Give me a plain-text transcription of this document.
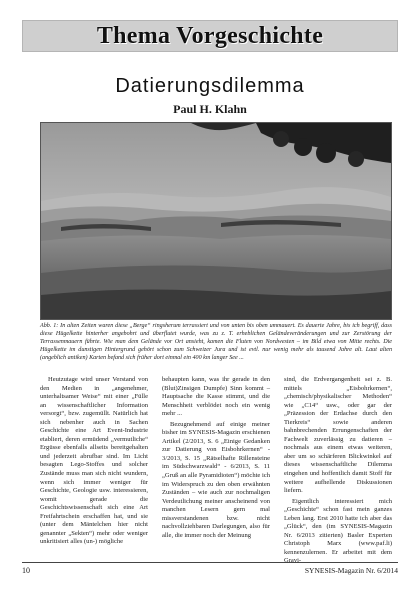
Thema Vorgeschichte
Datierungsdilemma
Paul H. Klahn
Abb. 1: In alten Zeiten waren diese „Berge“ ringsherum terrassiert und von unten bis oben ummauert. Es dauerte Jahre, bis ich begriff, dass diese Hügelkette hinterher angebohrt und überflutet wurde, was zu z. T. erheblichen Geländeveränderungen und zur Zerstörung der Terrassenmauern führte. Wie man dem Gelände vor Ort ansieht, kamen die Fluten von Nordwesten – im Bild etwa von Mitte rechts. Die Hügelkette im dunstigen Hintergrund gehört schon zum Schweizer Jura und ist evtl. nur wenig mehr als tausend Jahre alt. Laut alten (angeblich antiken) Karten befand sich früher dort einmal ein 400 km langer See ...

Heutzutage wird unser Verstand von den Medien in „angenehmer, unterhaltsamer Weise“ mit einer „Fülle an wissenschaftlicher Information versorgt“, bzw. zugemüllt. Natürlich hat sich nebenher auch in Sachen Geschichte eine Art Event-Industrie etabliert, deren ermüdend „vermutliche“ Ergüsse ebenfalls allseits bereitgehalten und jederzeit abrufbar sind. Im Licht besagten Lego-Stoffes und solcher Zustände muss man sich nicht wundern, wenn sich immer weniger für Geschichte, Geologie usw. interessieren, womit gerade die Geschichtswissenschaft sich eine Art Freifahrtschein erschaffen hat, und sie (unter dem Mäntelchen hier nicht genannter „Sekten“) mehr oder weniger unkritisiert alles (un-) mögliche

behaupten kann, was ihr gerade in den (Blut)Zinsigen Dumpfe) Sinn kommt – Hauptsache die Kasse stimmt, und die Menschheit verblödet noch ein wenig mehr ...

Bezugnehmend auf einige meiner bisher im SYNESIS-Magazin erschienen Artikel (2/2013, S. 6 „Einige Gedanken zur Datierung von Eisbohrkernen“ - 3/2013, S. 15 „Rätselhafte Rillensteine im Südschwarzwald“ - 6/2013, S. 11 „Gruß an alle Pyramidioten“) möchte ich im Widerspruch zu den oben erwähnten Zuständen – wie auch zur nochmaligen Verdeutlichung meiner anscheinend von manchen Lesern gern mal missverstandenen bzw. nicht nachvollziehbaren Darlegungen, also für alle, die immer noch der Meinung

sind, die Erdvergangenheit sei z. B. mittels „Eisbohrkernen“, „chemisch/physikalischer Methoden“ wie „C14“ usw., oder gar der „Präzession der Erdachse durch den Tierkreis“ sowie anderen bahnbrechenden Errungenschaften der Fachwelt zuverlässig zu datieren – nochmals aus einem etwas weiteren, aber um so schärferen Blickwinkel auf dieses wissenschaftliche Dilemma eingehen und hoffentlich damit Stoff für weitere aufhellende Diskussionen liefern.

Eigentlich interessiert mich „Geschichte“ schon fast mein ganzes Leben lang. Erst 2010 hatte ich aber das „Glück“, den (im SYNESIS-Magazin Nr. 6/2013 zitierten) Basler Experten Christoph Marx (www.paf.li) kennenzulernen. Er arbeitet mit dem Gravi-

10	SYNESIS-Magazin Nr. 6/2014
